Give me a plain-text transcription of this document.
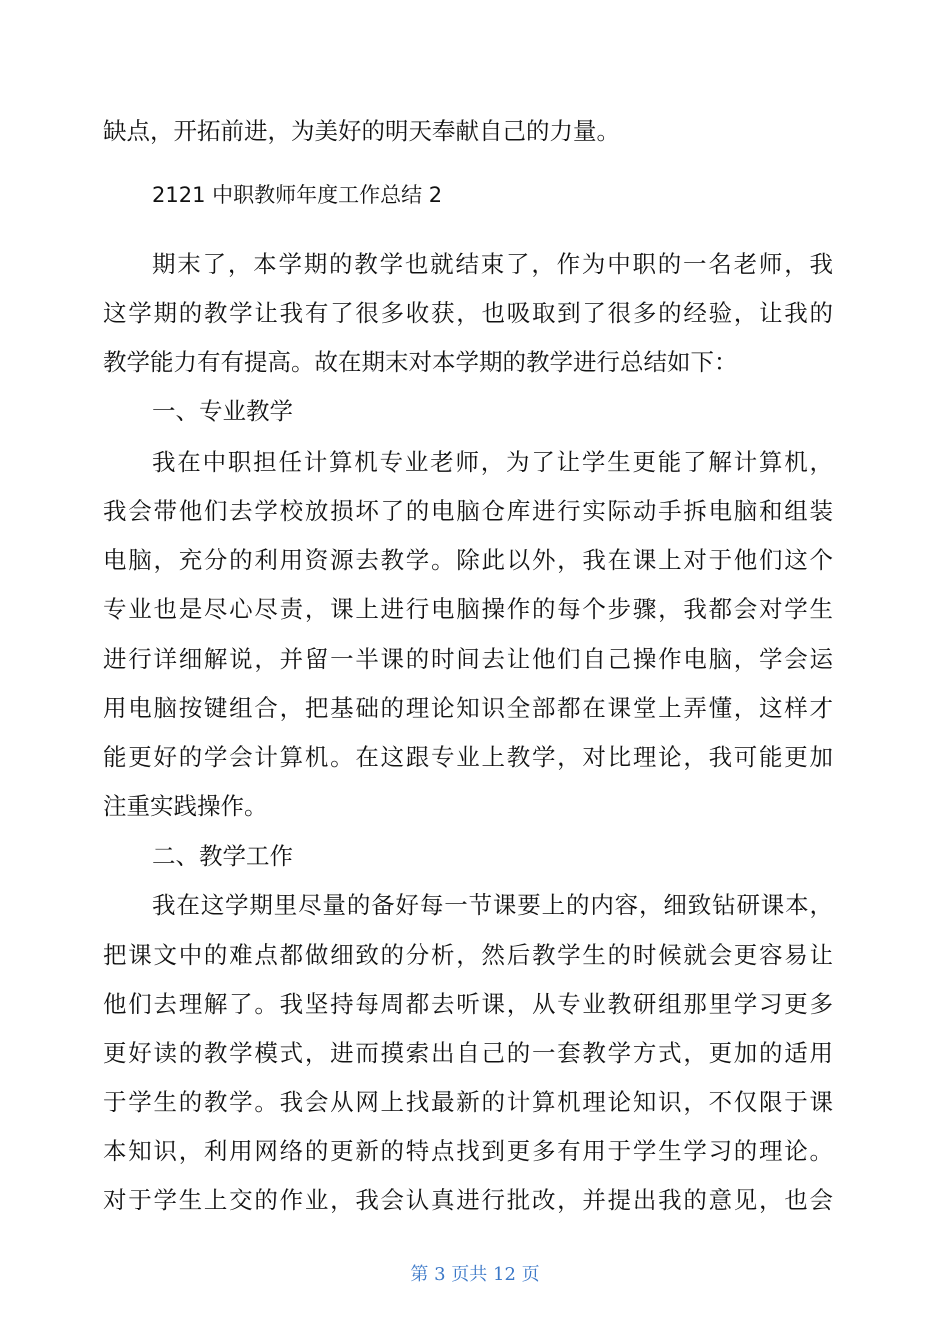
缺点，开拓前进，为美好的明天奉献自己的力量。
2121 中职教师年度工作总结 2
期末了，本学期的教学也就结束了，作为中职的一名老师，我
这学期的教学让我有了很多收获，也吸取到了很多的经验，让我的
教学能力有有提高。故在期末对本学期的教学进行总结如下：
一、专业教学
我在中职担任计算机专业老师，为了让学生更能了解计算机，
我会带他们去学校放损坏了的电脑仓库进行实际动手拆电脑和组装
电脑，充分的利用资源去教学。除此以外，我在课上对于他们这个
专业也是尽心尽责，课上进行电脑操作的每个步骤，我都会对学生
进行详细解说，并留一半课的时间去让他们自己操作电脑，学会运
用电脑按键组合，把基础的理论知识全部都在课堂上弄懂，这样才
能更好的学会计算机。在这跟专业上教学，对比理论，我可能更加
注重实践操作。
二、教学工作
我在这学期里尽量的备好每一节课要上的内容，细致钻研课本，
把课文中的难点都做细致的分析，然后教学生的时候就会更容易让
他们去理解了。我坚持每周都去听课，从专业教研组那里学习更多
更好读的教学模式，进而摸索出自己的一套教学方式，更加的适用
于学生的教学。我会从网上找最新的计算机理论知识，不仅限于课
本知识，利用网络的更新的特点找到更多有用于学生学习的理论。
对于学生上交的作业，我会认真进行批改，并提出我的意见，也会
第 3 页共 12 页
